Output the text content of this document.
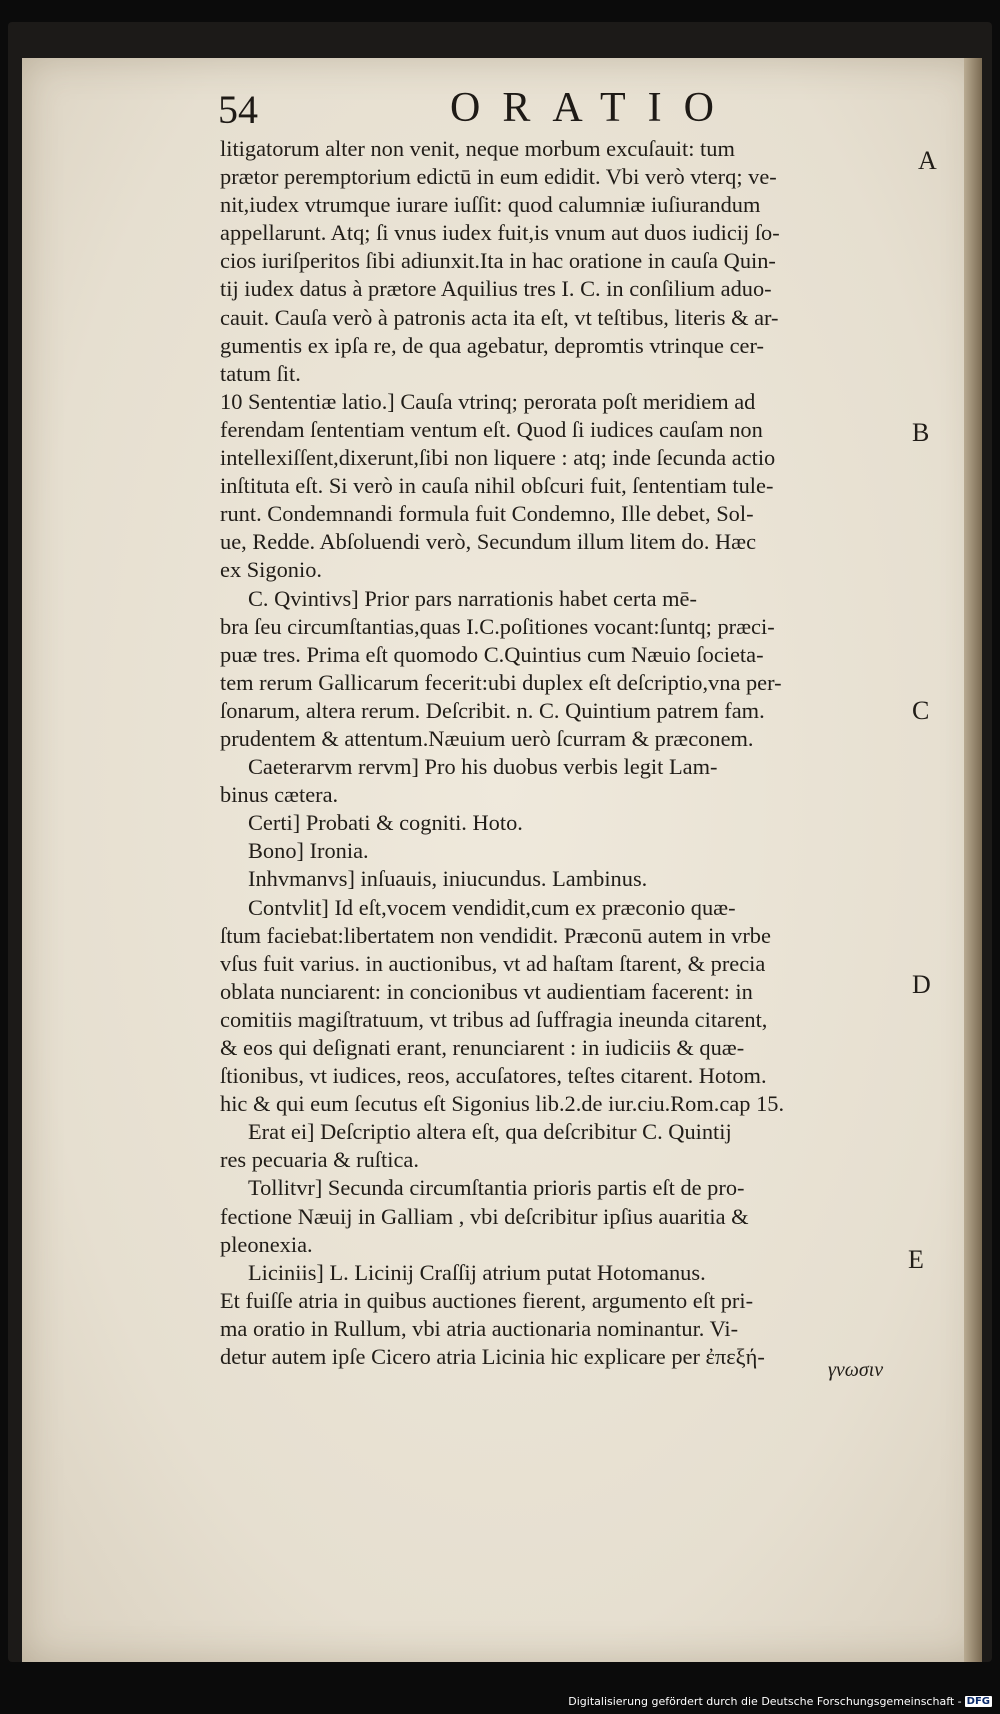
54	ORATIO
litigatorum alter non venit, neque morbum excuſauit: tum
prætor peremptorium edictū in eum edidit. Vbi verò vterq; ve-
nit,iudex vtrumque iurare iuſſit: quod calumniæ iuſiurandum
appellarunt. Atq; ſi vnus iudex fuit,is vnum aut duos iudicij ſo-
cios iuriſperitos ſibi adiunxit.Ita in hac oratione in cauſa Quin-
tij iudex datus à prætore Aquilius tres I. C. in conſilium aduo-
cauit. Cauſa verò à patronis acta ita eſt, vt teſtibus, literis & ar-
gumentis ex ipſa re, de qua agebatur, depromtis vtrinque cer-
tatum ſit.
10 Sententiæ latio.] Cauſa vtrinq; perorata poſt meridiem ad
ferendam ſententiam ventum eſt. Quod ſi iudices cauſam non
intellexiſſent,dixerunt,ſibi non liquere : atq; inde ſecunda actio
inſtituta eſt. Si verò in cauſa nihil obſcuri fuit, ſententiam tule-
runt. Condemnandi formula fuit Condemno, Ille debet, Sol-
ue, Redde. Abſoluendi verò, Secundum illum litem do. Hæc
ex Sigonio.
C. Qvintivs] Prior pars narrationis habet certa mē-
bra ſeu circumſtantias,quas I.C.poſitiones vocant:ſuntq; præci-
puæ tres. Prima eſt quomodo C.Quintius cum Næuio ſocieta-
tem rerum Gallicarum fecerit:ubi duplex eſt deſcriptio,vna per-
ſonarum, altera rerum. Deſcribit. n. C. Quintium patrem fam.
prudentem & attentum.Næuium uerò ſcurram & præconem.
Caeterarvm rervm] Pro his duobus verbis legit Lam-
binus cætera.
Certi] Probati & cogniti. Hoto.
Bono] Ironia.
Inhvmanvs] inſuauis, iniucundus. Lambinus.
Contvlit] Id eſt,vocem vendidit,cum ex præconio quæ-
ſtum faciebat:libertatem non vendidit. Præconū autem in vrbe
vſus fuit varius. in auctionibus, vt ad haſtam ſtarent, & precia
oblata nunciarent: in concionibus vt audientiam facerent: in
comitiis magiſtratuum, vt tribus ad ſuffragia ineunda citarent,
& eos qui deſignati erant, renunciarent : in iudiciis & quæ-
ſtionibus, vt iudices, reos, accuſatores, teſtes citarent. Hotom.
hic & qui eum ſecutus eſt Sigonius lib.2.de iur.ciu.Rom.cap 15.
Erat ei] Deſcriptio altera eſt, qua deſcribitur C. Quintij
res pecuaria & ruſtica.
Tollitvr] Secunda circumſtantia prioris partis eſt de pro-
fectione Næuij in Galliam , vbi deſcribitur ipſius auaritia &
pleonexia.
Liciniis] L. Licinij Craſſij atrium putat Hotomanus.
Et fuiſſe atria in quibus auctiones fierent, argumento eſt pri-
ma oratio in Rullum, vbi atria auctionaria nominantur. Vi-
detur autem ipſe Cicero atria Licinia hic explicare per ἐπεξή-
A
B
C
D
E
γνωσιν
Digitalisierung gefördert durch die Deutsche Forschungsgemeinschaft - DFG
